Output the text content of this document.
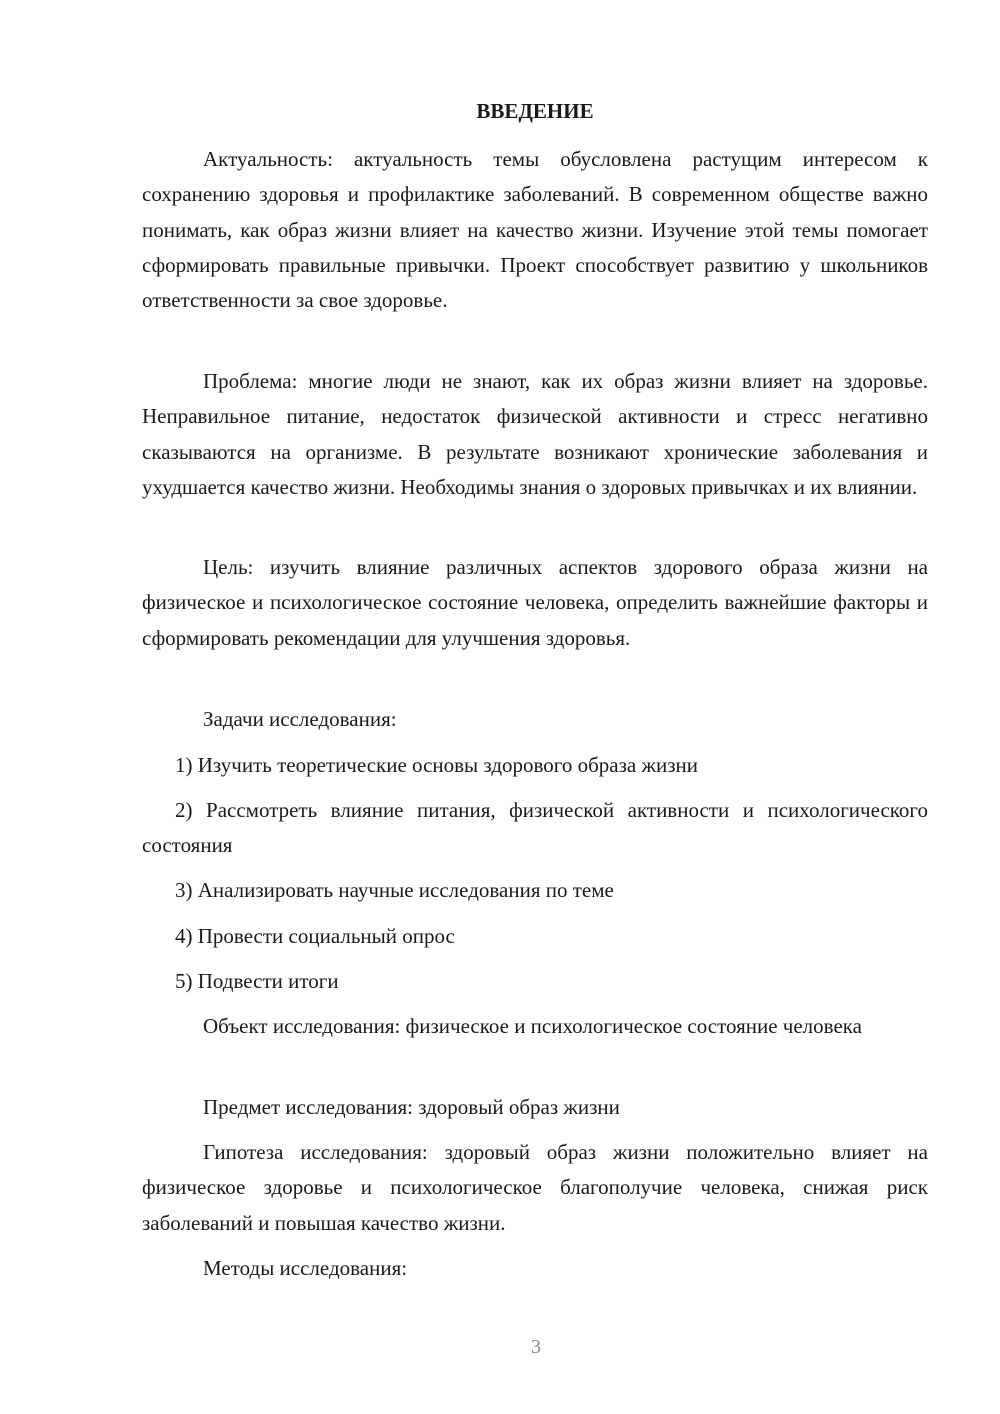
ВВЕДЕНИЕ

Актуальность: актуальность темы обусловлена растущим интересом к сохранению здоровья и профилактике заболеваний. В современном обществе важно понимать, как образ жизни влияет на качество жизни. Изучение этой темы помогает сформировать правильные привычки. Проект способствует развитию у школьников ответственности за свое здоровье.

Проблема: многие люди не знают, как их образ жизни влияет на здоровье. Неправильное питание, недостаток физической активности и стресс негативно сказываются на организме. В результате возникают хронические заболевания и ухудшается качество жизни. Необходимы знания о здоровых привычках и их влиянии.

Цель: изучить влияние различных аспектов здорового образа жизни на физическое и психологическое состояние человека, определить важнейшие факторы и сформировать рекомендации для улучшения здоровья.

Задачи исследования:

1) Изучить теоретические основы здорового образа жизни

2) Рассмотреть влияние питания, физической активности и психологического состояния

3) Анализировать научные исследования по теме

4) Провести социальный опрос

5) Подвести итоги

Объект исследования: физическое и психологическое состояние человека

Предмет исследования: здоровый образ жизни

Гипотеза исследования: здоровый образ жизни положительно влияет на физическое здоровье и психологическое благополучие человека, снижая риск заболеваний и повышая качество жизни.

Методы исследования:

3
